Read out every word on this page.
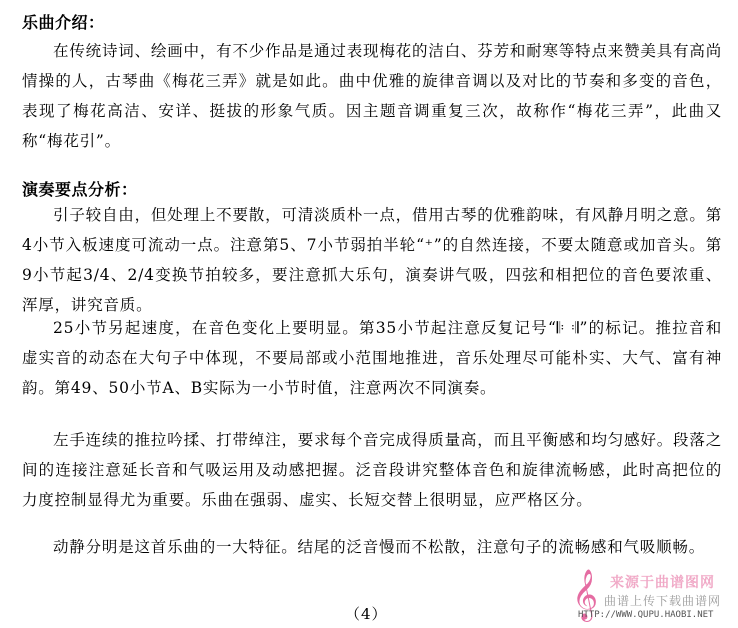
乐曲介绍：

在传统诗词、绘画中，有不少作品是通过表现梅花的洁白、芬芳和耐寒等特点来赞美具有高尚情操的人，古琴曲《梅花三弄》就是如此。曲中优雅的旋律音调以及对比的节奏和多变的音色，表现了梅花高洁、安详、挺拔的形象气质。因主题音调重复三次，故称作“梅花三弄”，此曲又称“梅花引”。

演奏要点分析：

引子较自由，但处理上不要散，可清淡质朴一点，借用古琴的优雅韵味，有风静月明之意。第4小节入板速度可流动一点。注意第5、7小节弱拍半轮“⁺”的自然连接，不要太随意或加音头。第9小节起3/4、2/4变换节拍较多，要注意抓大乐句，演奏讲气吸，四弦和相把位的音色要浓重、浑厚，讲究音质。

25小节另起速度，在音色变化上要明显。第35小节起注意反复记号“𝄆 𝄇”的标记。推拉音和虚实音的动态在大句子中体现，不要局部或小范围地推进，音乐处理尽可能朴实、大气、富有神韵。第49、50小节A、B实际为一小节时值，注意两次不同演奏。

左手连续的推拉吟揉、打带绰注，要求每个音完成得质量高，而且平衡感和均匀感好。段落之间的连接注意延长音和气吸运用及动感把握。泛音段讲究整体音色和旋律流畅感，此时高把位的力度控制显得尤为重要。乐曲在强弱、虚实、长短交替上很明显，应严格区分。

动静分明是这首乐曲的一大特征。结尾的泛音慢而不松散，注意句子的流畅感和气吸顺畅。

（4）	𝄞 来源于曲谱图网
曲谱上传下载曲谱网
HTTP://WWW.QUPU.HAOBI.NET
